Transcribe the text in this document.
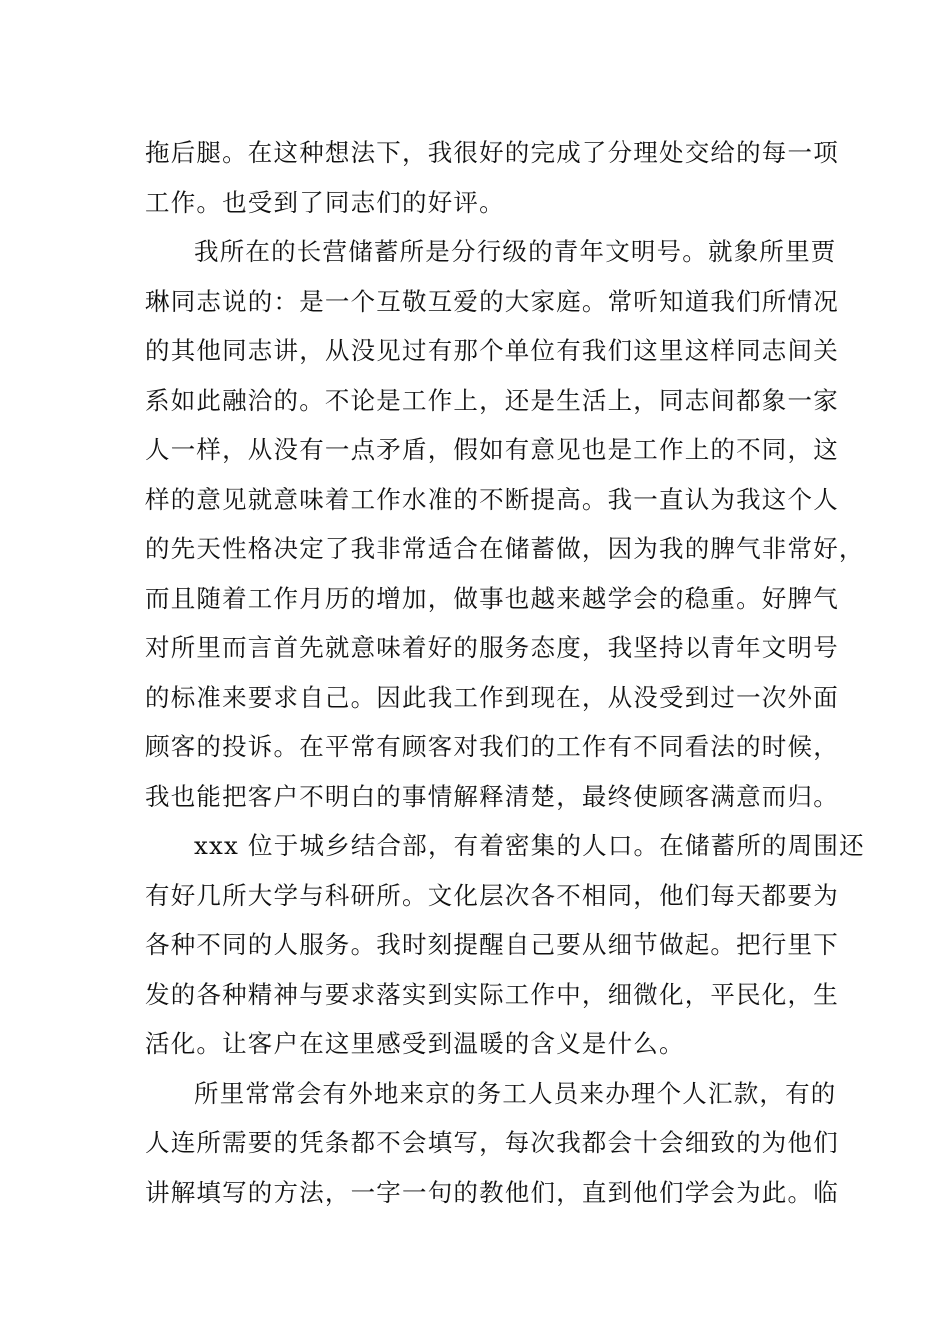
拖后腿。在这种想法下，我很好的完成了分理处交给的每一项
工作。也受到了同志们的好评。
我所在的长营储蓄所是分行级的青年文明号。就象所里贾
琳同志说的：是一个互敬互爱的大家庭。常听知道我们所情况
的其他同志讲，从没见过有那个单位有我们这里这样同志间关
系如此融洽的。不论是工作上，还是生活上，同志间都象一家
人一样，从没有一点矛盾，假如有意见也是工作上的不同，这
样的意见就意味着工作水准的不断提高。我一直认为我这个人
的先天性格决定了我非常适合在储蓄做，因为我的脾气非常好，
而且随着工作月历的增加，做事也越来越学会的稳重。好脾气
对所里而言首先就意味着好的服务态度，我坚持以青年文明号
的标准来要求自己。因此我工作到现在，从没受到过一次外面
顾客的投诉。在平常有顾客对我们的工作有不同看法的时候，
我也能把客户不明白的事情解释清楚，最终使顾客满意而归。
xxx 位于城乡结合部，有着密集的人口。在储蓄所的周围还
有好几所大学与科研所。文化层次各不相同，他们每天都要为
各种不同的人服务。我时刻提醒自己要从细节做起。把行里下
发的各种精神与要求落实到实际工作中，细微化，平民化，生
活化。让客户在这里感受到温暖的含义是什么。
所里常常会有外地来京的务工人员来办理个人汇款，有的
人连所需要的凭条都不会填写，每次我都会十会细致的为他们
讲解填写的方法，一字一句的教他们，直到他们学会为此。临
